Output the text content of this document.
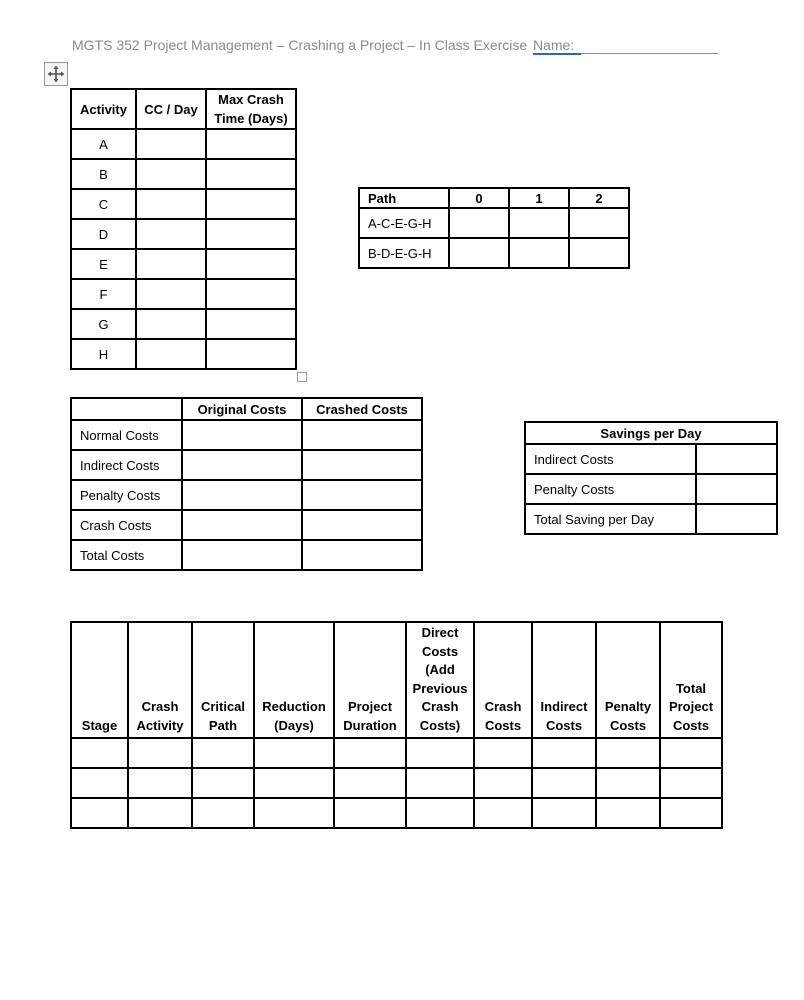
MGTS 352 Project Management – Crashing a Project – In Class Exercise Name:
Activity	CC / Day	Max Crash Time (Days)
A		
B		
C		
D		
E		
F		
G		
H		
Path	0	1	2
A-C-E-G-H			
B-D-E-G-H			
	Original Costs	Crashed Costs
Normal Costs		
Indirect Costs		
Penalty Costs		
Crash Costs		
Total Costs		
Savings per Day	
Indirect Costs	
Penalty Costs	
Total Saving per Day	
Stage	Crash Activity	Critical Path	Reduction (Days)	Project Duration	Direct Costs (Add Previous Crash Costs)	Crash Costs	Indirect Costs	Penalty Costs	Total Project Costs
